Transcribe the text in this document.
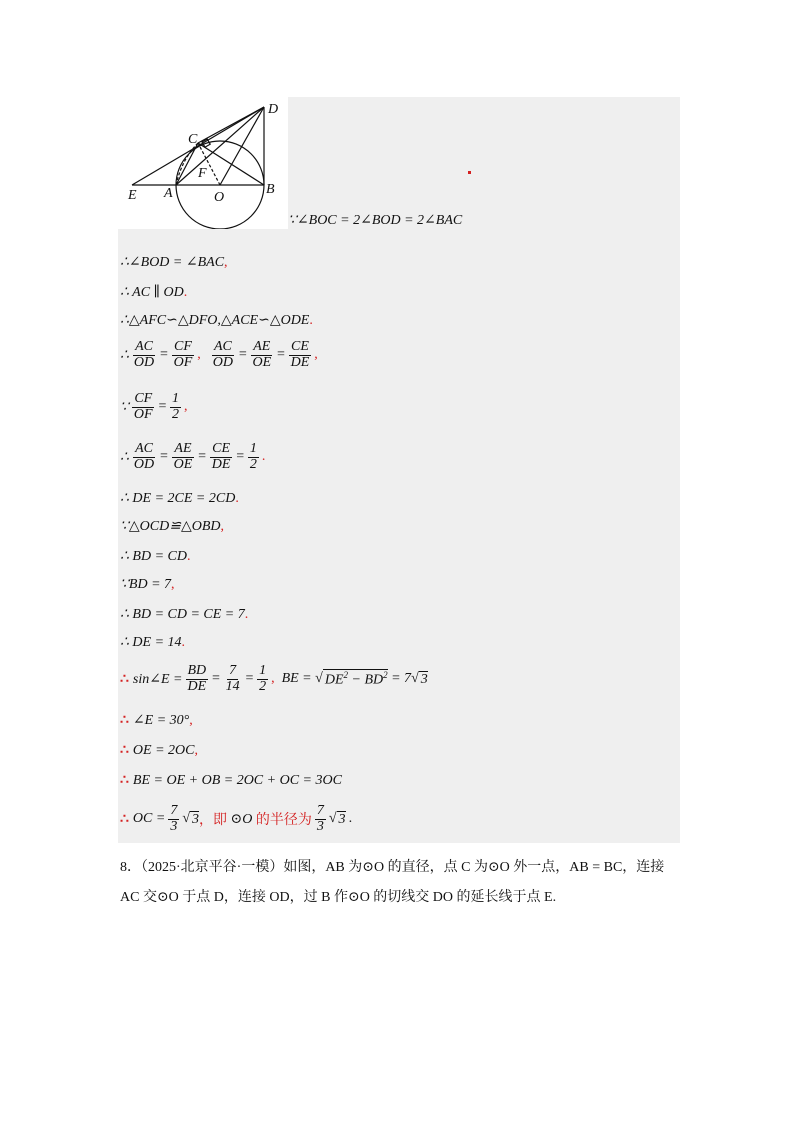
D
C
F
E A	O
B
∵∠BOC = 2∠BOD = 2∠BAC
∴∠BOD = ∠BAC ,
∴ AC ∥ OD .
∴△AFC∽△DFO,△ACE∽△ODE .
∴ $\frac{AC}{OD} = \frac{CF}{OF}$ ,
$\frac{AC}{OD} = \frac{AE}{OE} = \frac{CE}{DE}$ ,
∵ $\frac{CF}{OF} = \frac{1}{2}$ ,
∴ $\frac{AC}{OD} = \frac{AE}{OE} = \frac{CE}{DE} = \frac{1}{2}$ .
∴ DE = 2CE = 2CD .
∵△OCD≌△OBD ,
∴ BD = CD .
∵BD = 7 ,
∴ BD = CD = CE = 7 .
∴ DE = 14 .
∴ sin∠E = $\frac{BD}{DE} = \frac{7}{14} = \frac{1}{2}$ ,
BE = √ $DE^2 - BD^2$
= 7 √ 3
∴ ∠E = 30° ,
∴ OE = 2OC ,
∴ BE = OE + OB = 2OC + OC = 3OC
∴ OC = $\frac{7}{3}$ √ 3 ，即
⊙O
的半径为 $\frac{7}{3}$ √ 3 .
8．（2025·北京平谷·一模）如图，AB 为⊙O 的直径，点 C 为⊙O 外一点，AB = BC，连接
AC 交⊙O 于点 D，连接 OD，过 B 作⊙O 的切线交 DO 的延长线于点 E.
